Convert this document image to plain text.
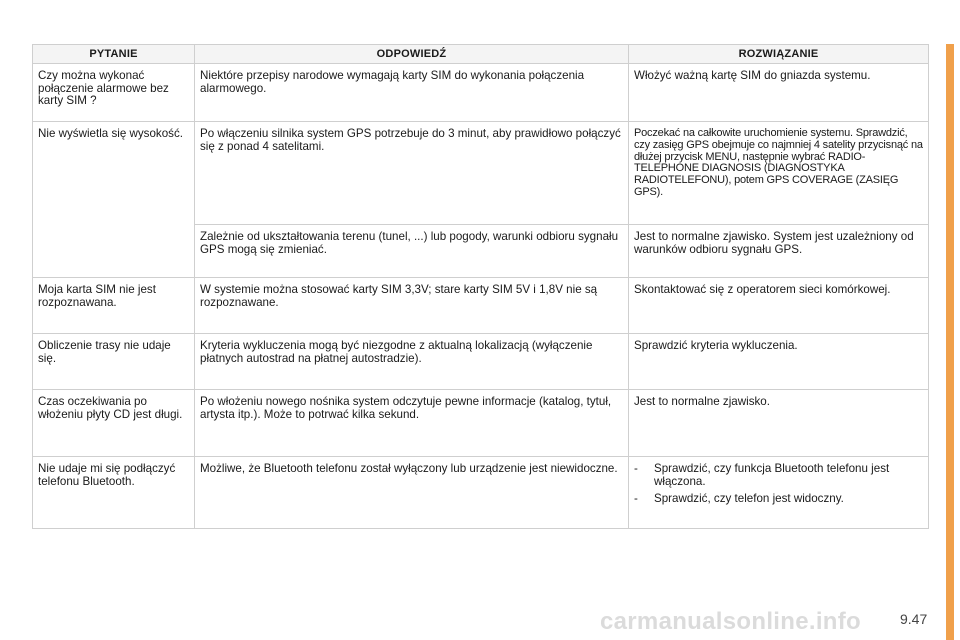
PYTANIE	ODPOWIEDŹ	ROZWIĄZANIE
Czy można wykonać połączenie alarmowe bez karty SIM ?	Niektóre przepisy narodowe wymagają karty SIM do wykonania połączenia alarmowego.	Włożyć ważną kartę SIM do gniazda systemu.
Nie wyświetla się wysokość.	Po włączeniu silnika system GPS potrzebuje do 3 minut, aby prawidłowo połączyć się z ponad 4 satelitami.	Poczekać na całkowite uruchomienie systemu. Sprawdzić, czy zasięg GPS obejmuje co najmniej 4 satelity przycisnąć na dłużej przycisk MENU, następnie wybrać RADIO-TELEPHONE DIAGNOSIS (DIAGNOSTYKA RADIOTELEFONU), potem GPS COVERAGE (ZASIĘG GPS).
	Zależnie od ukształtowania terenu (tunel, ...) lub pogody, warunki odbioru sygnału GPS mogą się zmieniać.	Jest to normalne zjawisko. System jest uzależniony od warunków odbioru sygnału GPS.
Moja karta SIM nie jest rozpoznawana.	W systemie można stosować karty SIM 3,3V; stare karty SIM 5V i 1,8V nie są rozpoznawane.	Skontaktować się z operatorem sieci komórkowej.
Obliczenie trasy nie udaje się.	Kryteria wykluczenia mogą być niezgodne z aktualną lokalizacją (wyłączenie płatnych autostrad na płatnej autostradzie).	Sprawdzić kryteria wykluczenia.
Czas oczekiwania po włożeniu płyty CD jest długi.	Po włożeniu nowego nośnika system odczytuje pewne informacje (katalog, tytuł, artysta itp.). Może to potrwać kilka sekund.	Jest to normalne zjawisko.
Nie udaje mi się podłączyć telefonu Bluetooth.	Możliwe, że Bluetooth telefonu został wyłączony lub urządzenie jest niewidoczne.	- Sprawdzić, czy funkcja Bluetooth telefonu jest włączona.
- Sprawdzić, czy telefon jest widoczny.
carmanualsonline.info	9.47
